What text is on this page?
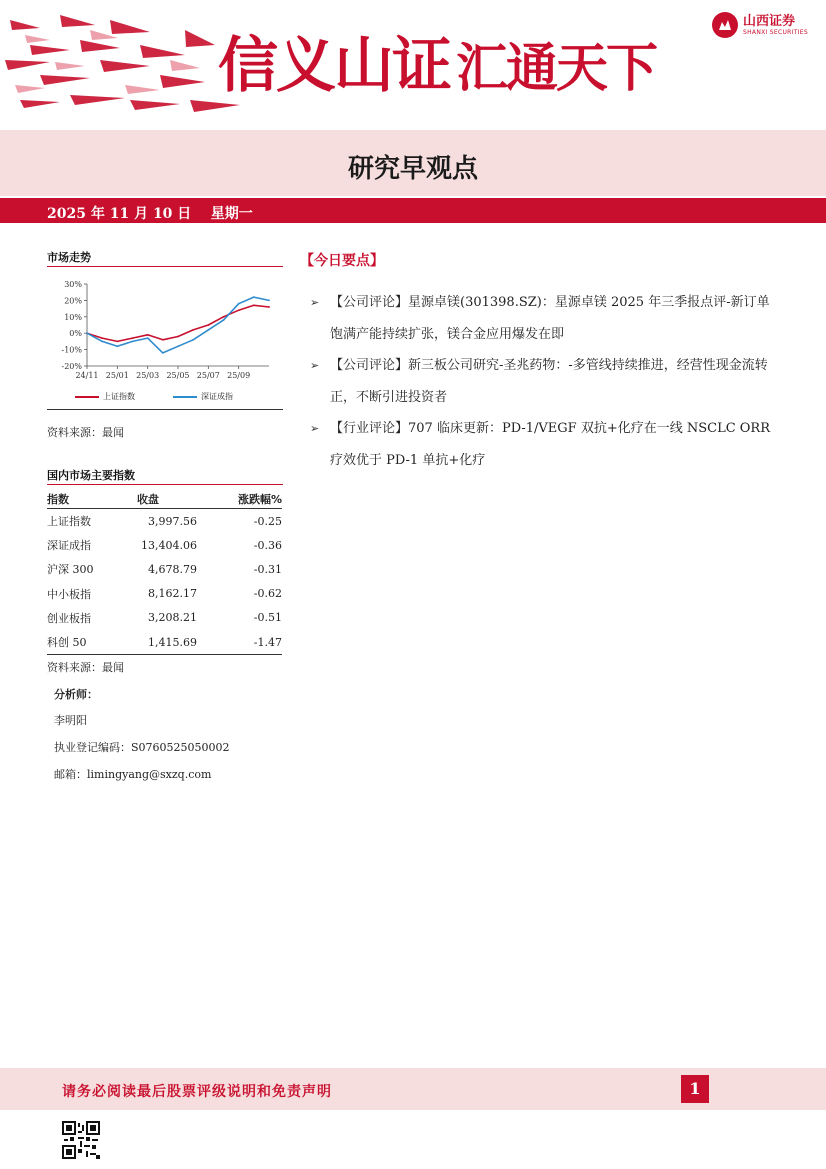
信义山证 汇通天下
山西证券
SHANXI SECURITIES
研究早观点
2025 年 11 月 10 日    星期一
市场走势
30%
20%
10%
0%
-10%
-20%
24/11 25/01 25/03 25/05 25/07 25/09
上证指数	深证成指
资料来源：最闻
国内市场主要指数
指数	收盘	涨跌幅%
上证指数	3,997.56	-0.25
深证成指	13,404.06	-0.36
沪深 300	4,678.79	-0.31
中小板指	8,162.17	-0.62
创业板指	3,208.21	-0.51
科创 50	1,415.69	-1.47
资料来源：最闻
分析师：
李明阳
执业登记编码：S0760525050002
邮箱：limingyang@sxzq.com
【今日要点】
➢ 【公司评论】星源卓镁(301398.SZ)：星源卓镁 2025 年三季报点评-新订单饱满产能持续扩张，镁合金应用爆发在即
➢ 【公司评论】新三板公司研究-圣兆药物：-多管线持续推进，经营性现金流转正，不断引进投资者
➢ 【行业评论】707 临床更新：PD-1/VEGF 双抗+化疗在一线 NSCLC ORR 疗效优于 PD-1 单抗+化疗
请务必阅读最后股票评级说明和免责声明	1
